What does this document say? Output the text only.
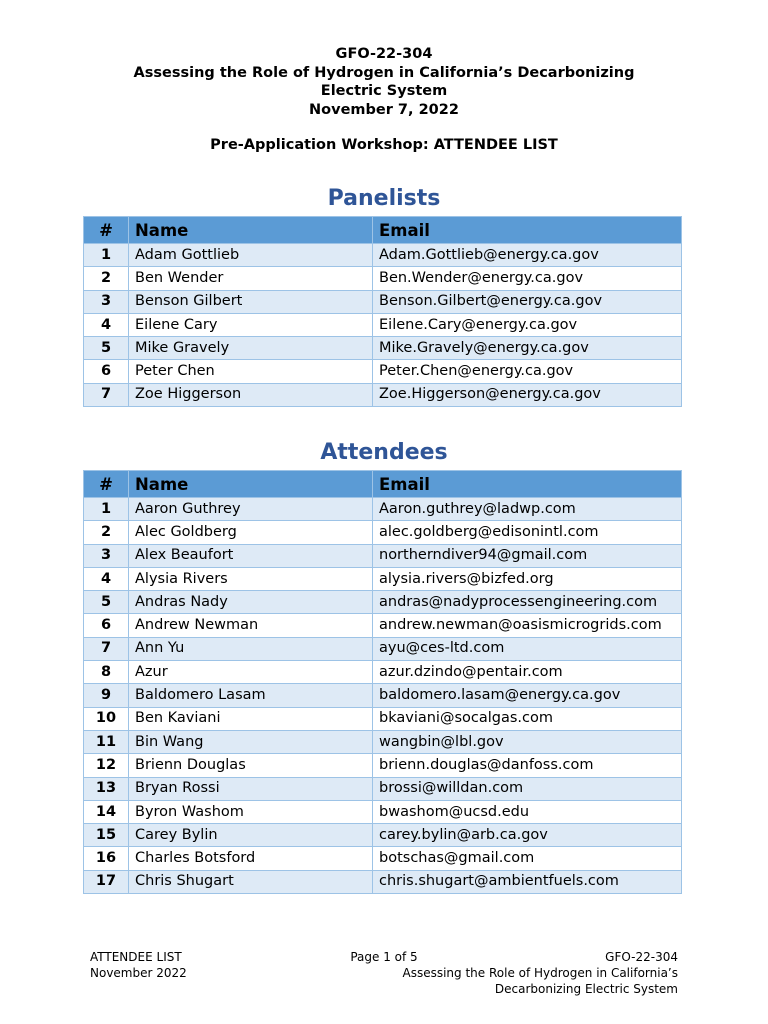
GFO-22-304
Assessing the Role of Hydrogen in California’s Decarbonizing
Electric System
November 7, 2022
Pre-Application Workshop: ATTENDEE LIST
Panelists
#	Name	Email
1	Adam Gottlieb	Adam.Gottlieb@energy.ca.gov
2	Ben Wender	Ben.Wender@energy.ca.gov
3	Benson Gilbert	Benson.Gilbert@energy.ca.gov
4	Eilene Cary	Eilene.Cary@energy.ca.gov
5	Mike Gravely	Mike.Gravely@energy.ca.gov
6	Peter Chen	Peter.Chen@energy.ca.gov
7	Zoe Higgerson	Zoe.Higgerson@energy.ca.gov
Attendees
#	Name	Email
1	Aaron Guthrey	Aaron.guthrey@ladwp.com
2	Alec Goldberg	alec.goldberg@edisonintl.com
3	Alex Beaufort	northerndiver94@gmail.com
4	Alysia Rivers	alysia.rivers@bizfed.org
5	Andras Nady	andras@nadyprocessengineering.com
6	Andrew Newman	andrew.newman@oasismicrogrids.com
7	Ann Yu	ayu@ces-ltd.com
8	Azur	azur.dzindo@pentair.com
9	Baldomero Lasam	baldomero.lasam@energy.ca.gov
10	Ben Kaviani	bkaviani@socalgas.com
11	Bin Wang	wangbin@lbl.gov
12	Brienn Douglas	brienn.douglas@danfoss.com
13	Bryan Rossi	brossi@willdan.com
14	Byron Washom	bwashom@ucsd.edu
15	Carey Bylin	carey.bylin@arb.ca.gov
16	Charles Botsford	botschas@gmail.com
17	Chris Shugart	chris.shugart@ambientfuels.com
ATTENDEE LIST
November 2022
Page 1 of 5	GFO-22-304
Assessing the Role of Hydrogen in California’s
Decarbonizing Electric System
